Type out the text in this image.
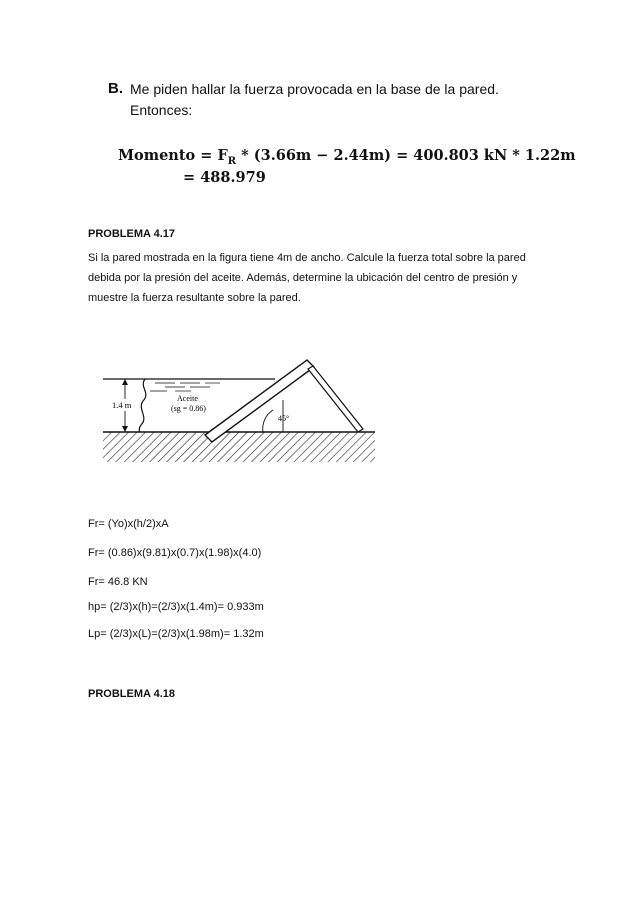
B. Me piden hallar la fuerza provocada en la base de la pared.
Entonces:
Momento = $F_R * (3.66m - 2.44m) = 400.803$ kN * 1.22m
= 488.979
PROBLEMA 4.17
Si la pared mostrada en la figura tiene 4m de ancho. Calcule la fuerza total sobre la pared
debida por la presión del aceite. Además, determine la ubicación del centro de presión y
muestre la fuerza resultante sobre la pared.
1.4 m
Aceite
(sg = 0.86)
45°
Fr= (Yo)x(h/2)xA
Fr= (0.86)x(9.81)x(0.7)x(1.98)x(4.0)
Fr= 46.8 KN
hp= (2/3)x(h)=(2/3)x(1.4m)= 0.933m
Lp= (2/3)x(L)=(2/3)x(1.98m)= 1.32m
PROBLEMA 4.18
